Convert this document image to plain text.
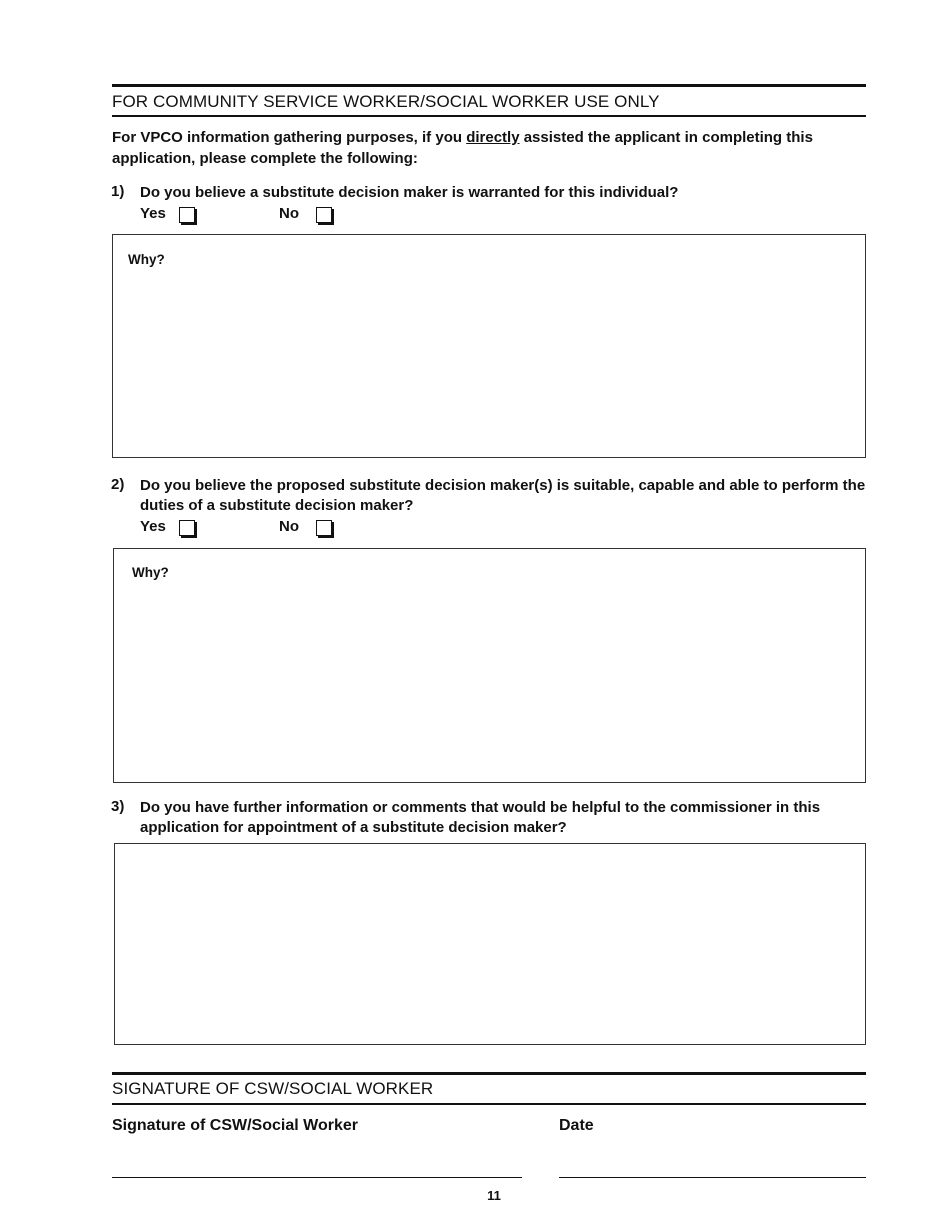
FOR COMMUNITY SERVICE WORKER/SOCIAL WORKER USE ONLY
For VPCO information gathering purposes, if you directly assisted the applicant in completing this application, please complete the following:
1) Do you believe a substitute decision maker is warranted for this individual?
Yes	No
Why?
2) Do you believe the proposed substitute decision maker(s) is suitable, capable and able to perform the duties of a substitute decision maker?
Yes	No
Why?
3) Do you have further information or comments that would be helpful to the commissioner in this application for appointment of a substitute decision maker?
SIGNATURE OF CSW/SOCIAL WORKER
Signature of CSW/Social Worker	Date
11
